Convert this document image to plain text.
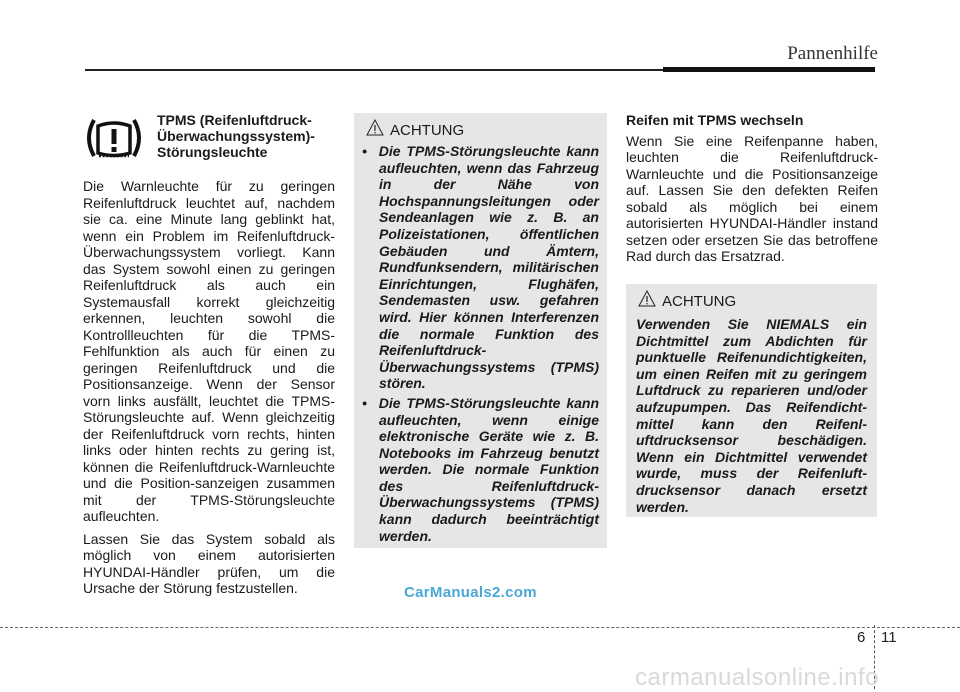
Pannenhilfe
TPMS (Reifenluftdruck-Überwachungssystem)-Störungsleuchte

Die Warnleuchte für zu geringen Reifenluftdruck leuchtet auf, nachdem sie ca. eine Minute lang geblinkt hat, wenn ein Problem im Reifenluftdruck-Überwachungssystem vorliegt. Kann das System sowohl einen zu geringen Reifenluftdruck als auch ein Systemausfall korrekt gleichzeitig erkennen, leuchten sowohl die Kontrollleuchten für die TPMS-Fehlfunktion als auch für einen zu geringen Reifenluftdruck und die Positionsanzeige. Wenn der Sensor vorn links ausfällt, leuchtet die TPMS-Störungsleuchte auf. Wenn gleichzeitig der Reifenluftdruck vorn rechts, hinten links oder hinten rechts zu gering ist, können die Reifenluftdruck-Warnleuchte und die Position-sanzeigen zusammen mit der TPMS-Störungsleuchte aufleuchten.

Lassen Sie das System sobald als möglich von einem autorisierten HYUNDAI-Händler prüfen, um die Ursache der Störung festzustellen.

ACHTUNG
•  Die TPMS-Störungsleuchte kann aufleuchten, wenn das Fahrzeug in der Nähe von Hochspannungsleitungen oder Sendeanlagen wie z. B. an Polizeistationen, öffentlichen Gebäuden und Ämtern, Rundfunksendern, militärischen Einrichtungen, Flughäfen, Sendemasten usw. gefahren wird. Hier können Interferenzen die normale Funktion des Reifenluftdruck-Überwachungssystems (TPMS) stören.
•  Die TPMS-Störungsleuchte kann aufleuchten, wenn einige elektronische Geräte wie z. B. Notebooks im Fahrzeug benutzt werden. Die normale Funktion des Reifenluftdruck-Überwachungssystems (TPMS) kann dadurch beeinträchtigt werden.
Reifen mit TPMS wechseln

Wenn Sie eine Reifenpanne haben, leuchten die Reifenluftdruck-Warnleuchte und die Positionsanzeige auf. Lassen Sie den defekten Reifen sobald als möglich bei einem autorisierten HYUNDAI-Händler instand setzen oder ersetzen Sie das betroffene Rad durch das Ersatzrad.

ACHTUNG
Verwenden Sie NIEMALS ein Dichtmittel zum Abdichten für punktuelle Reifenundichtigkeiten, um einen Reifen mit zu geringem Luftdruck zu reparieren und/oder aufzupumpen. Das Reifendicht-mittel kann den Reifenl-uftdrucksensor beschädigen. Wenn ein Dichtmittel verwendet wurde, muss der Reifenluft-drucksensor danach ersetzt werden.
CarManuals2.com
6 11
carmanualsonline.info
